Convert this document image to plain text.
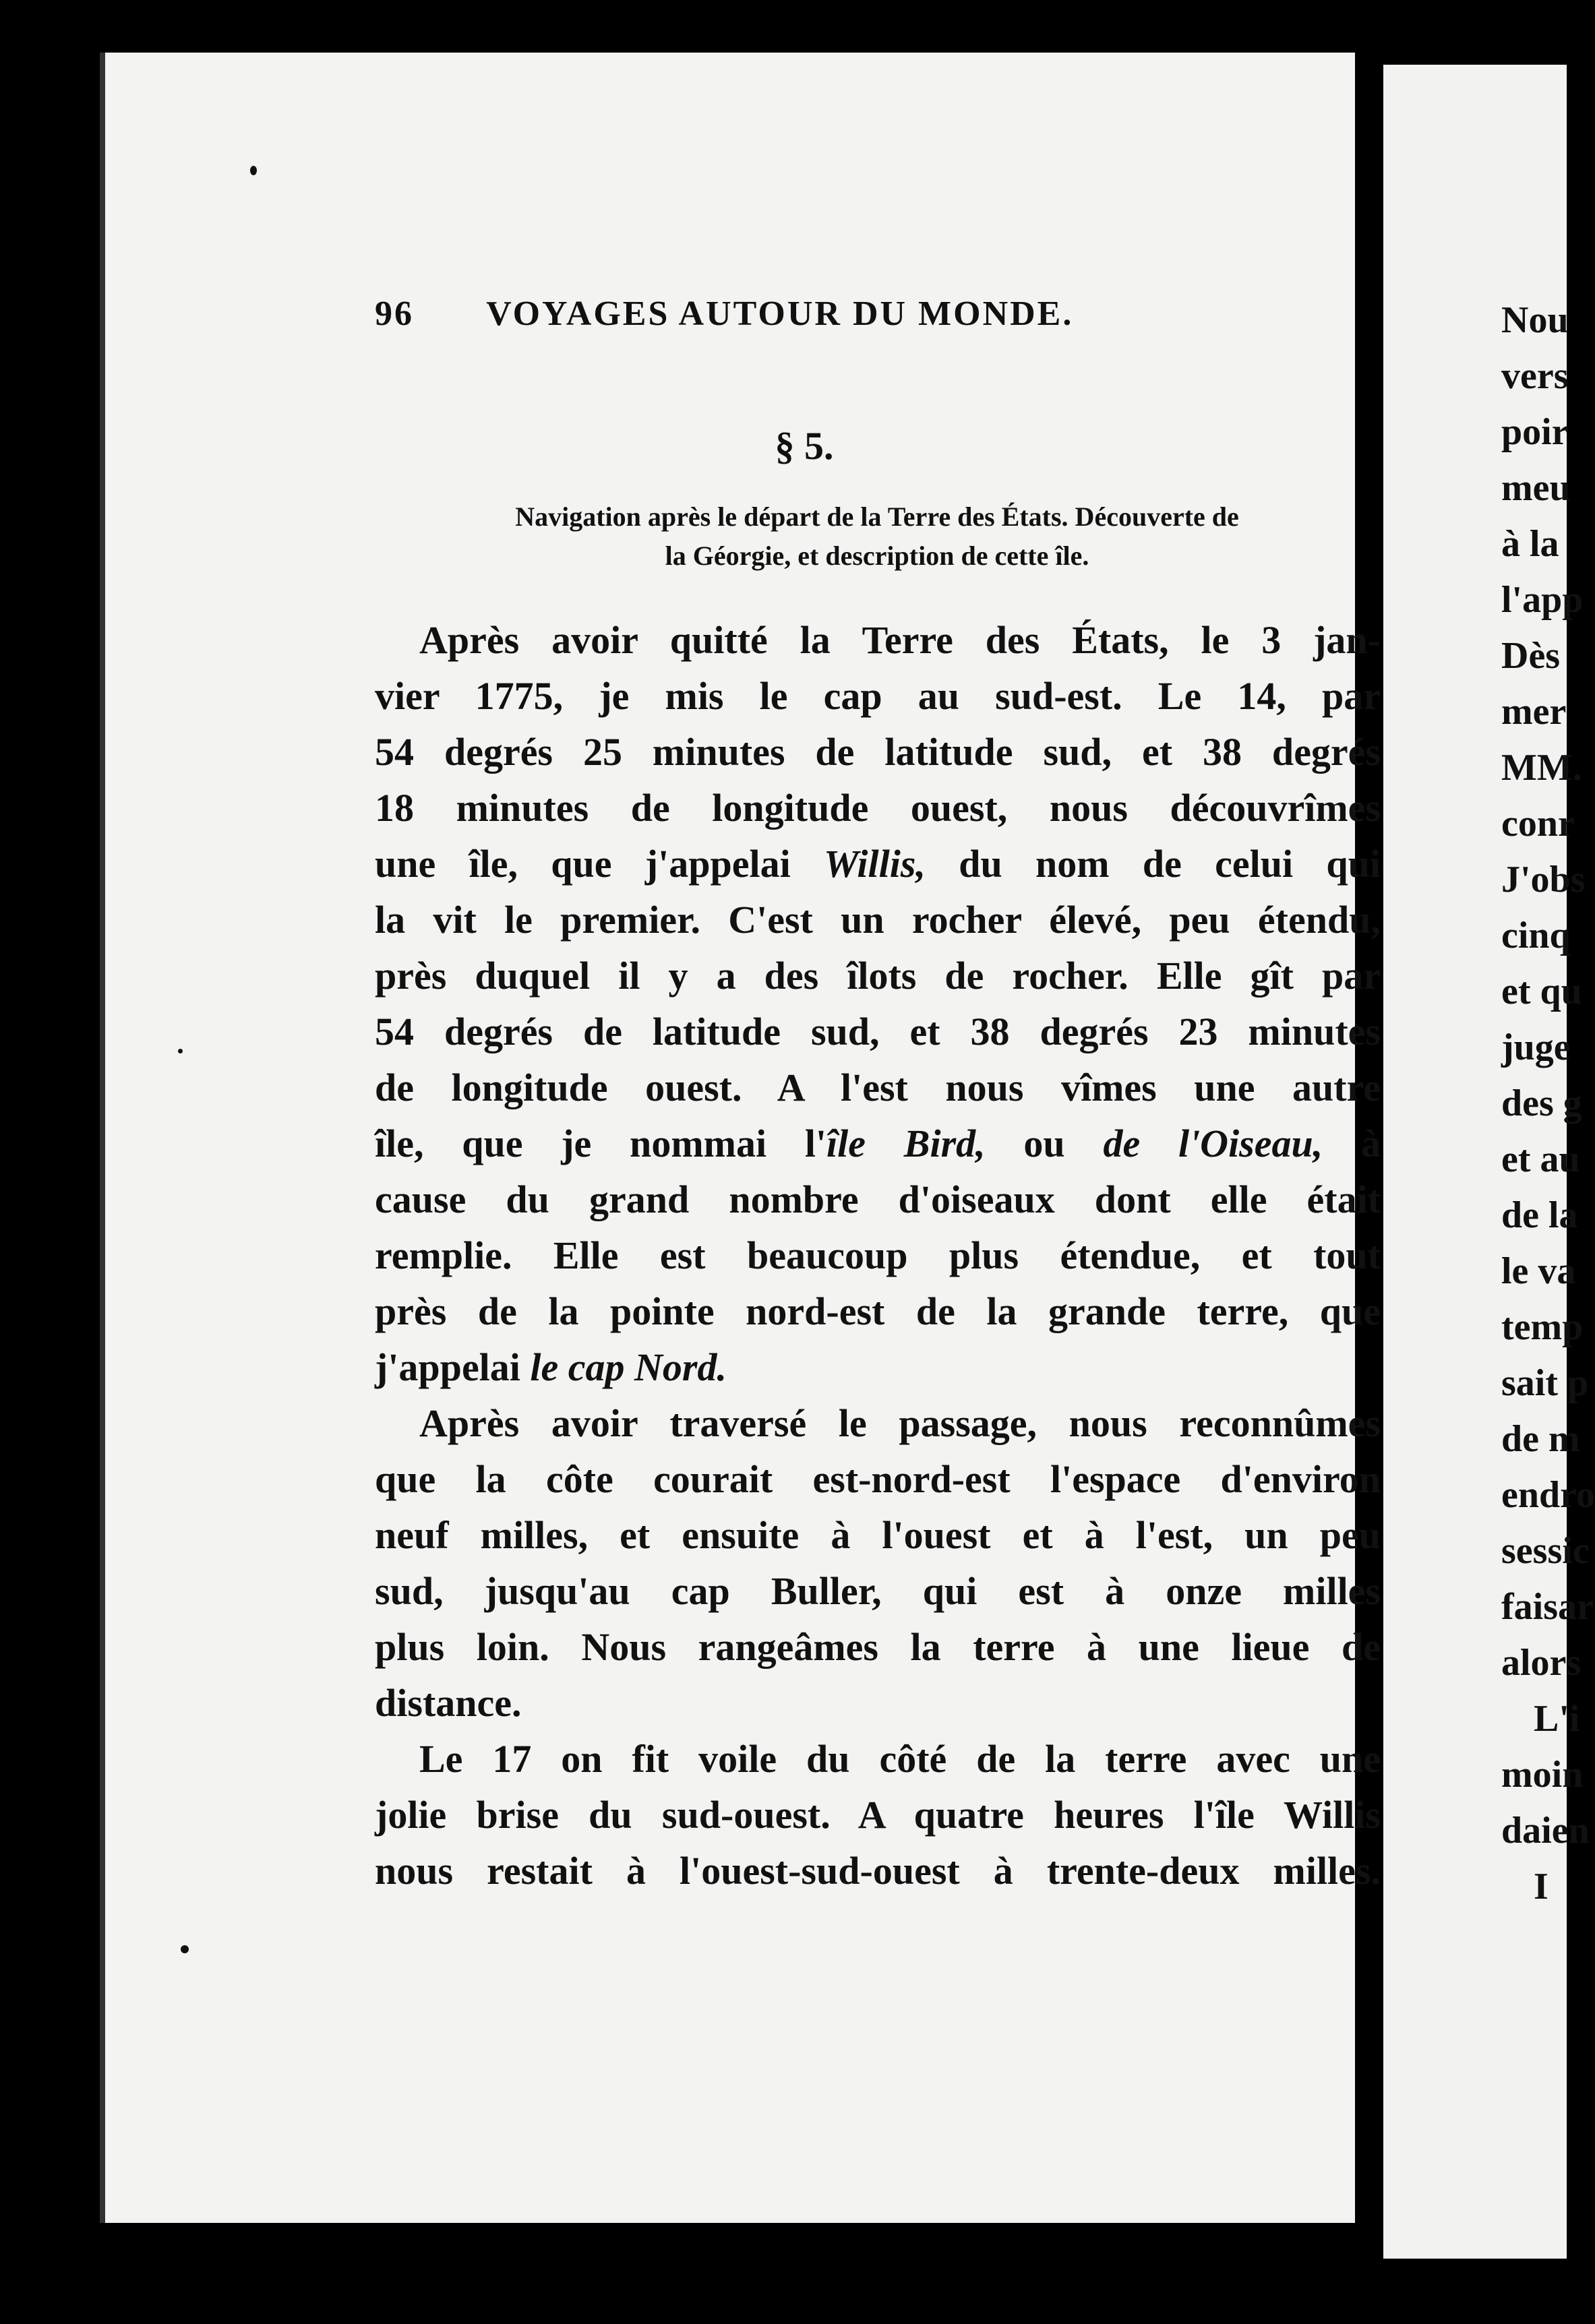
96 VOYAGES AUTOUR DU MONDE.
§ 5.
Navigation après le départ de la Terre des États. Découverte de
la Géorgie, et description de cette île.
Après avoir quitté la Terre des États, le 3 jan-
vier 1775, je mis le cap au sud-est. Le 14, par
54 degrés 25 minutes de latitude sud, et 38 degrés
18 minutes de longitude ouest, nous découvrîmes
une île, que j'appelai Willis, du nom de celui qui
la vit le premier. C'est un rocher élevé, peu étendu,
près duquel il y a des îlots de rocher. Elle gît par
54 degrés de latitude sud, et 38 degrés 23 minutes
de longitude ouest. A l'est nous vîmes une autre
île, que je nommai l'île Bird, ou de l'Oiseau, à
cause du grand nombre d'oiseaux dont elle était
remplie. Elle est beaucoup plus étendue, et tout
près de la pointe nord-est de la grande terre, que
j'appelai le cap Nord.
Après avoir traversé le passage, nous reconnûmes
que la côte courait est-nord-est l'espace d'environ
neuf milles, et ensuite à l'ouest et à l'est, un peu
sud, jusqu'au cap Buller, qui est à onze milles
plus loin. Nous rangeâmes la terre à une lieue de
distance.
Le 17 on fit voile du côté de la terre avec une
jolie brise du sud-ouest. A quatre heures l'île Willis
nous restait à l'ouest-sud-ouest à trente-deux milles.
Nou
vers
poir
meu
à la
l'app
Dès
mer
MM.
conr
J'obs
cinq
et qu
juge
des g
et au
de la
le va
temp
sait p
de m
endro
sessic
faisar
alors
L'i
moin
daien
I
